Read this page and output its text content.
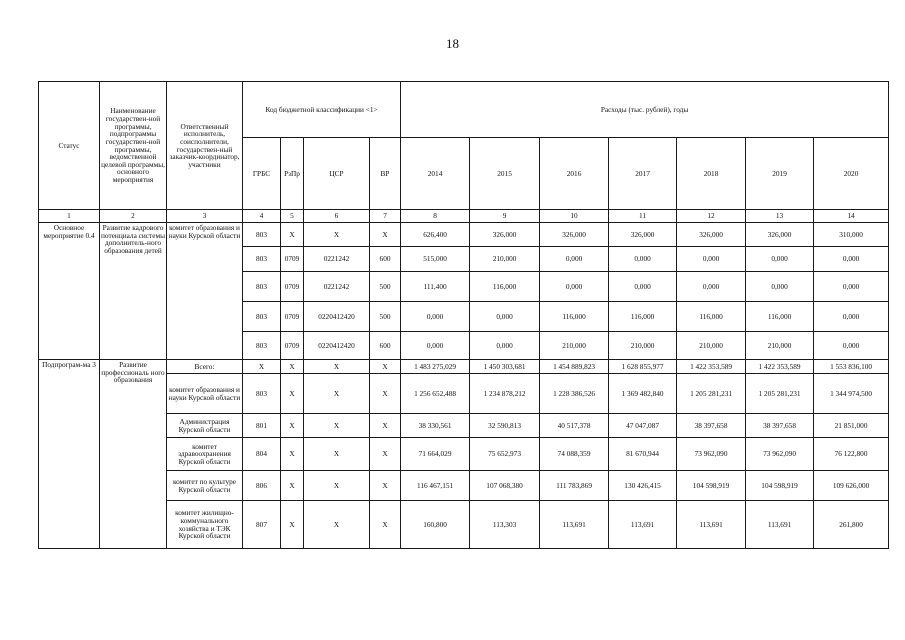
18
Статус	Наименование государствен-ной программы, подпрограммы государствен-ной программы, ведомственной целевой программы, основного мероприятия	Ответственный исполнитель, соисполнители, государствен-ный заказчик-координатор, участники	Код бюджетной классификации <1>				Расходы (тыс. рублей), годы						
			ГРБС	РзПр	ЦСР	ВР	2014	2015	2016	2017	2018	2019	2020
1	2	3	4	5	6	7	8	9	10	11	12	13	14
Основное мероприятие 0.4	Развитие кадрового потенциала системы дополнитель-ного образования детей	комитет образования и науки Курской области	803	X	X	X	626,400	326,000	326,000	326,000	326,000	326,000	310,000
			803	0709	0221242	600	515,000	210,000	0,000	0,000	0,000	0,000	0,000
			803	0709	0221242	500	111,400	116,000	0,000	0,000	0,000	0,000	0,000
			803	0709	0220412420	500	0,000	0,000	116,000	116,000	116,000	116,000	0,000
			803	0709	0220412420	600	0,000	0,000	210,000	210,000	210,000	210,000	0,000
Подпрограм-ма 3	Развитие профессиональ ного образования	Всего:	X	X	X	X	1 483 275,029	1 450 303,681	1 454 889,823	1 628 855,977	1 422 353,589	1 422 353,589	1 553 836,100
		комитет образования и науки Курской области	803	X	X	X	1 256 652,488	1 234 878,212	1 228 386,526	1 369 482,840	1 205 281,231	1 205 281,231	1 344 974,500
		Администрация Курской области	801	X	X	X	38 330,561	32 590,813	40 517,378	47 047,087	38 397,658	38 397,658	21 851,000
		комитет здравоохранения Курской области	804	X	X	X	71 664,029	75 652,973	74 088,359	81 670,944	73 962,090	73 962,090	76 122,800
		комитет по культуре Курской области	806	X	X	X	116 467,151	107 068,380	111 783,869	130 426,415	104 598,919	104 598,919	109 626,000
		комитет жилищно-коммунального хозяйства и ТЭК Курской области	807	X	X	X	160,800	113,303	113,691	113,691	113,691	113,691	261,800
